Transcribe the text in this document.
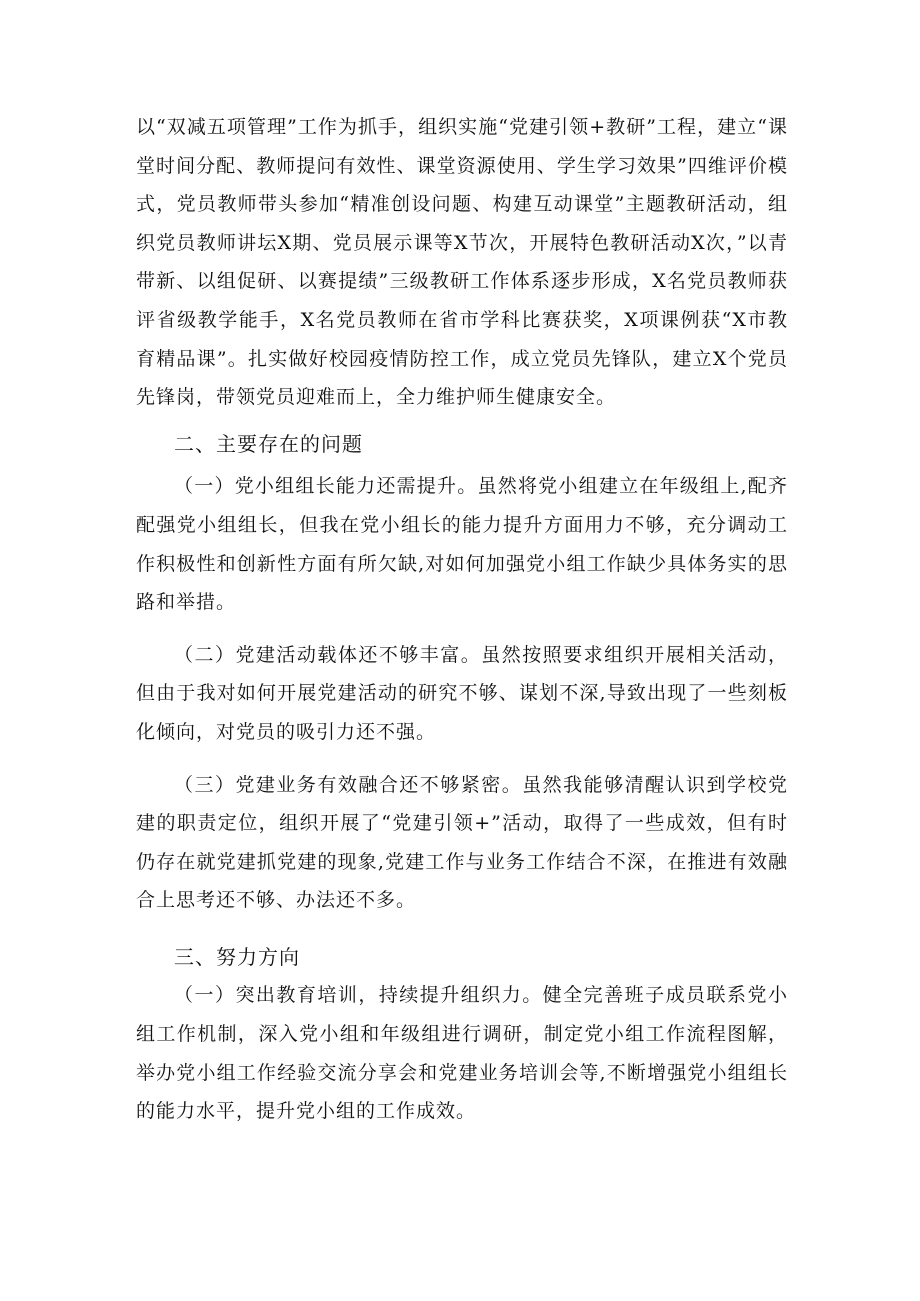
以“双减五项管理”工作为抓手，组织实施“党建引领+教研”工程，建立“课堂时间分配、教师提问有效性、课堂资源使用、学生学习效果”四维评价模式，党员教师带头参加“精准创设问题、构建互动课堂”主题教研活动，组织党员教师讲坛X期、党员展示课等X节次，开展特色教研活动X次，”以青带新、以组促研、以赛提绩”三级教研工作体系逐步形成，X名党员教师获评省级教学能手，X名党员教师在省市学科比赛获奖，X项课例获“X市教育精品课”。扎实做好校园疫情防控工作，成立党员先锋队，建立X个党员先锋岗，带领党员迎难而上，全力维护师生健康安全。

二、主要存在的问题

（一）党小组组长能力还需提升。虽然将党小组建立在年级组上,配齐配强党小组组长，但我在党小组长的能力提升方面用力不够，充分调动工作积极性和创新性方面有所欠缺,对如何加强党小组工作缺少具体务实的思路和举措。

（二）党建活动载体还不够丰富。虽然按照要求组织开展相关活动，但由于我对如何开展党建活动的研究不够、谋划不深,导致出现了一些刻板化倾向，对党员的吸引力还不强。

（三）党建业务有效融合还不够紧密。虽然我能够清醒认识到学校党建的职责定位，组织开展了“党建引领+”活动，取得了一些成效，但有时仍存在就党建抓党建的现象,党建工作与业务工作结合不深，在推进有效融合上思考还不够、办法还不多。

三、努力方向

（一）突出教育培训，持续提升组织力。健全完善班子成员联系党小组工作机制，深入党小组和年级组进行调研，制定党小组工作流程图解，举办党小组工作经验交流分享会和党建业务培训会等,不断增强党小组组长的能力水平，提升党小组的工作成效。
